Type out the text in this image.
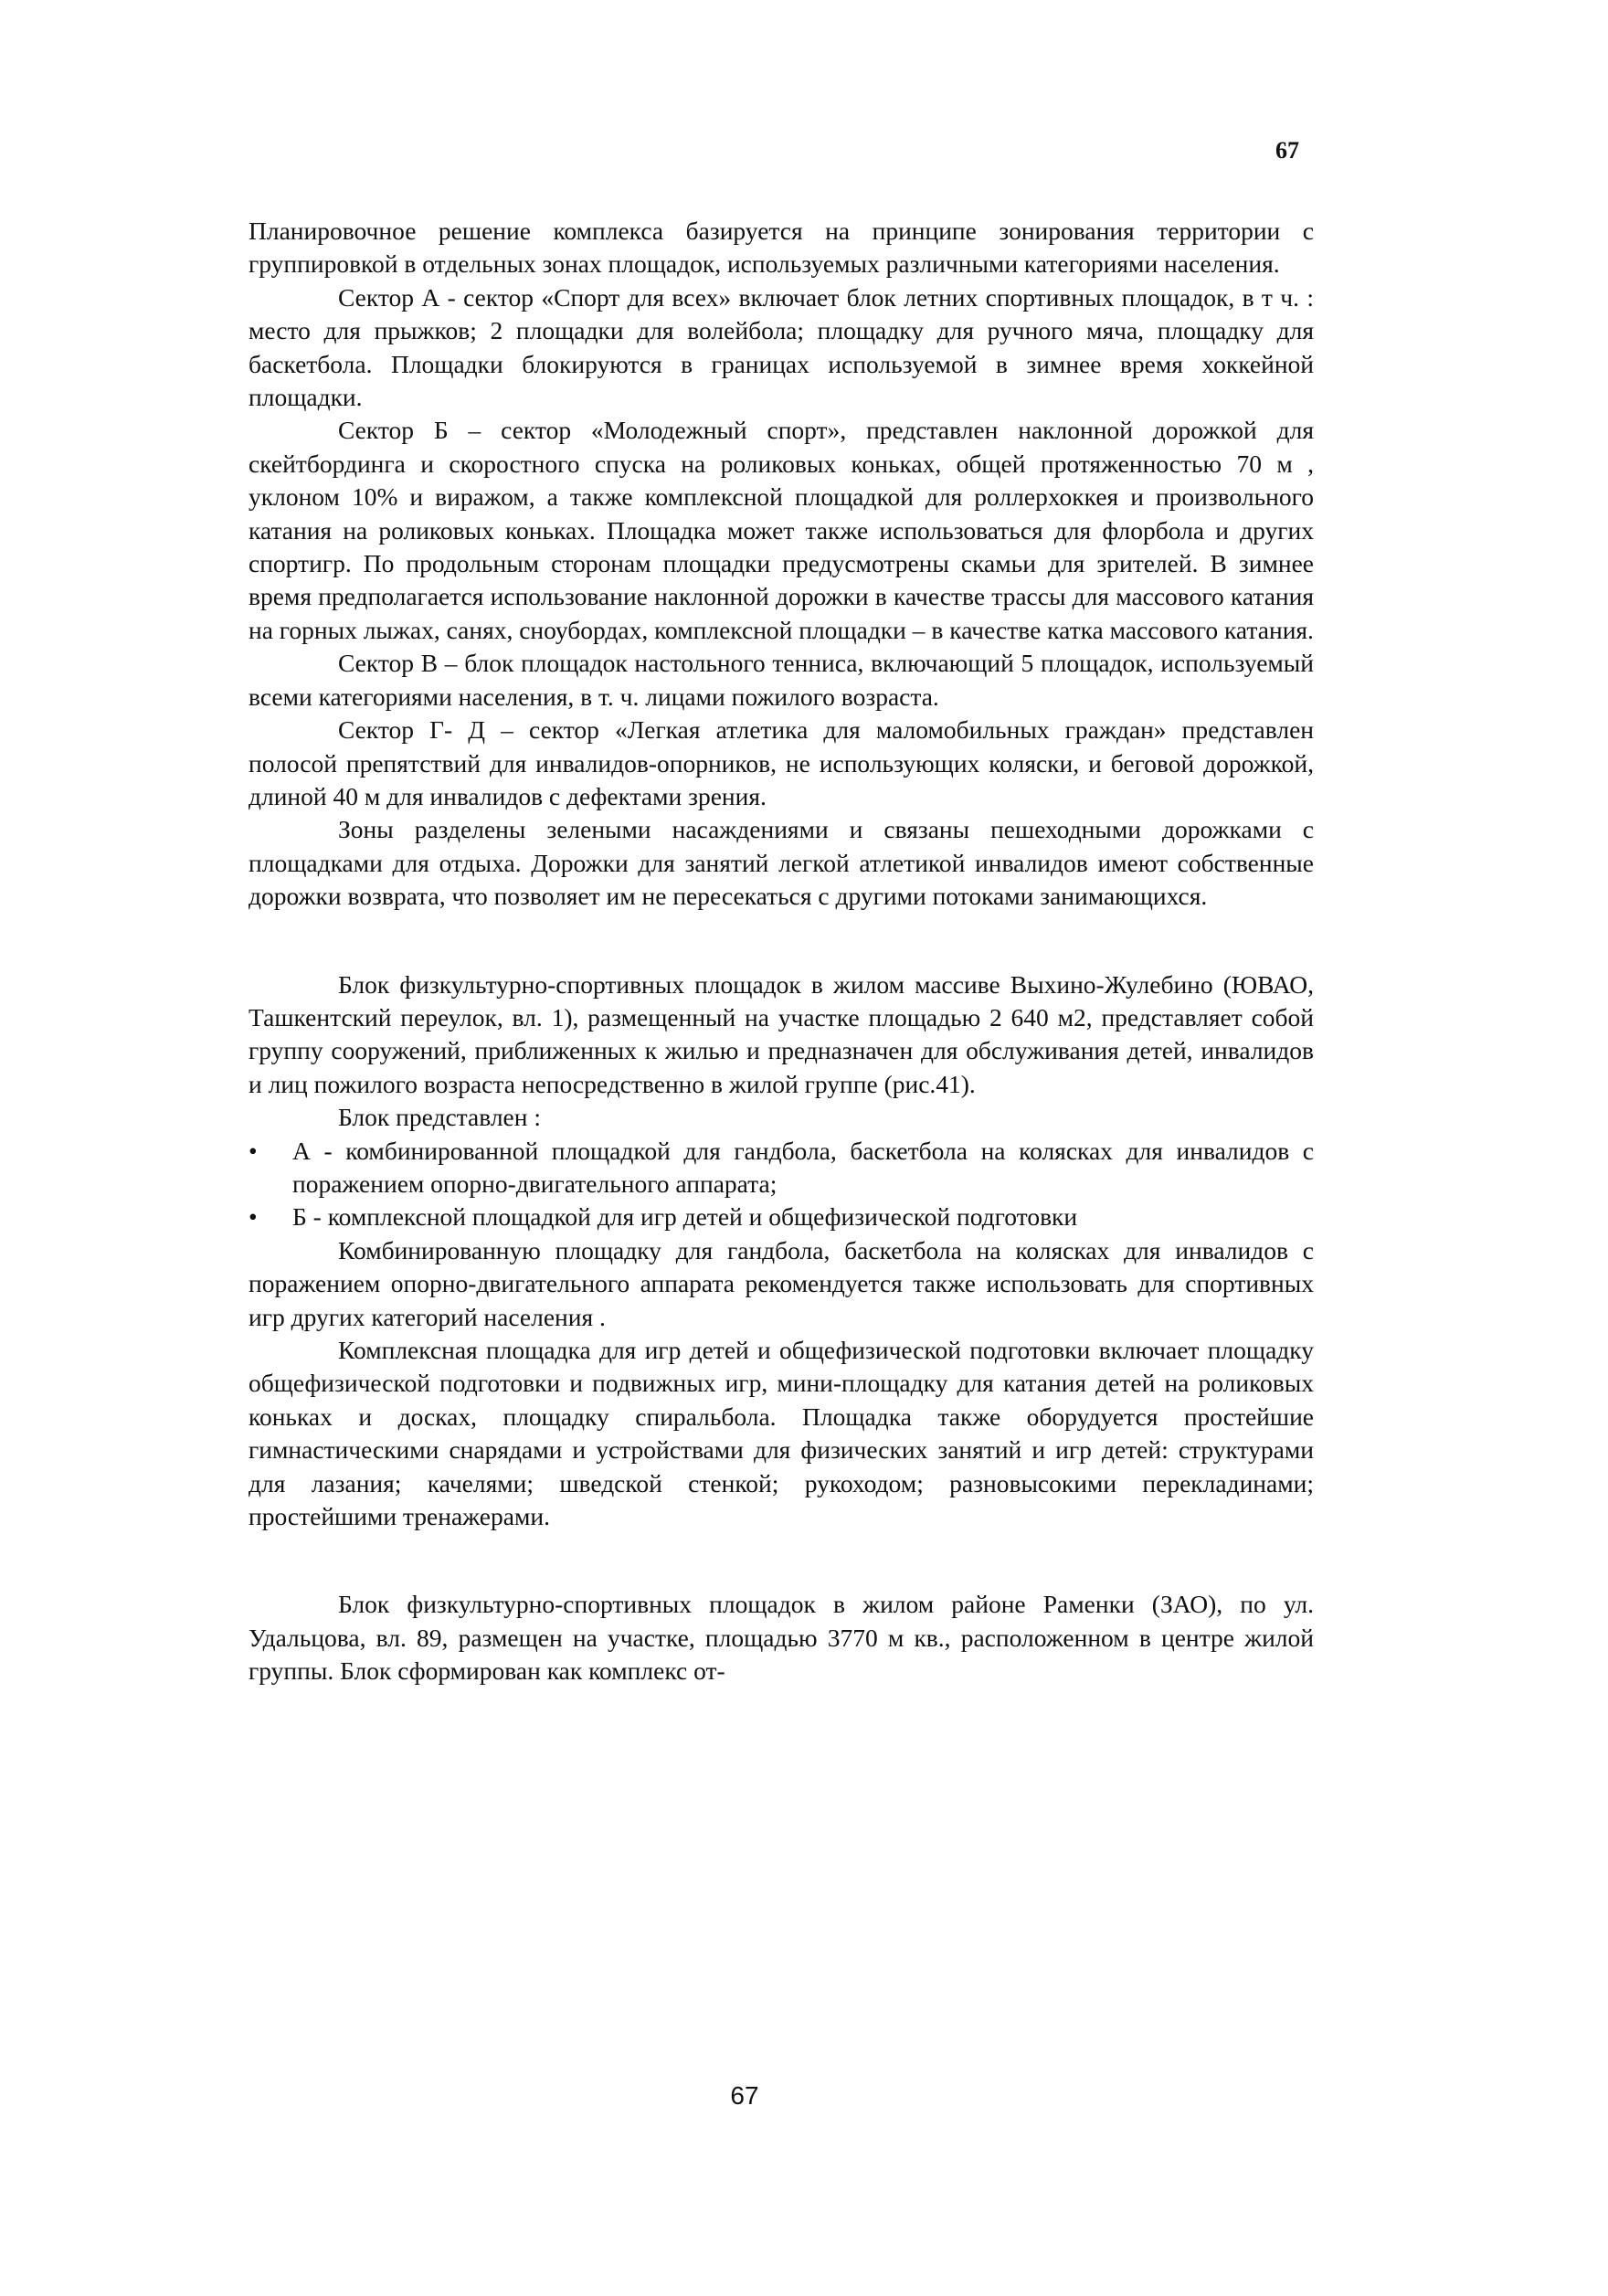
67

Планировочное решение комплекса базируется на принципе зонирования территории с группировкой в отдельных зонах площадок, используемых различными категориями населения.

Сектор А - сектор «Спорт для всех» включает блок летних спортивных площадок, в т ч. : место для прыжков; 2 площадки для волейбола; площадку для ручного мяча, площадку для баскетбола. Площадки блокируются в границах используемой в зимнее время хоккейной площадки.

Сектор Б – сектор «Молодежный спорт», представлен наклонной дорожкой для скейтбординга и скоростного спуска на роликовых коньках, общей протяженностью 70 м , уклоном 10% и виражом, а также комплексной площадкой для роллерхоккея и произвольного катания на роликовых коньках. Площадка может также использоваться для флорбола и других спортигр. По продольным сторонам площадки предусмотрены скамьи для зрителей. В зимнее время предполагается использование наклонной дорожки в качестве трассы для массового катания на горных лыжах, санях, сноубордах, комплексной площадки – в качестве катка массового катания.

Сектор В – блок площадок настольного тенниса, включающий 5 площадок, используемый всеми категориями населения, в т. ч. лицами пожилого возраста.

Сектор Г- Д – сектор «Легкая атлетика для маломобильных граждан» представлен полосой препятствий для инвалидов-опорников, не использующих коляски, и беговой дорожкой, длиной 40 м для инвалидов с дефектами зрения.

Зоны разделены зелеными насаждениями и связаны пешеходными дорожками с площадками для отдыха. Дорожки для занятий легкой атлетикой инвалидов имеют собственные дорожки возврата, что позволяет им не пересекаться с другими потоками занимающихся.

Блок физкультурно-спортивных площадок в жилом массиве Выхино-Жулебино (ЮВАО, Ташкентский переулок, вл. 1), размещенный на участке площадью 2 640 м2, представляет собой группу сооружений, приближенных к жилью и предназначен для обслуживания детей, инвалидов и лиц пожилого возраста непосредственно в жилой группе (рис.41).

Блок представлен :

•	А - комбинированной площадкой для гандбола, баскетбола на колясках для инвалидов с поражением опорно-двигательного аппарата;
•	Б - комплексной площадкой для игр детей и общефизической подготовки

Комбинированную площадку для гандбола, баскетбола на колясках для инвалидов с поражением опорно-двигательного аппарата рекомендуется также использовать для спортивных игр других категорий населения .

Комплексная площадка для игр детей и общефизической подготовки включает площадку общефизической подготовки и подвижных игр, мини-площадку для катания детей на роликовых коньках и досках, площадку спиральбола. Площадка также оборудуется простейшие гимнастическими снарядами и устройствами для физических занятий и игр детей: структурами для лазания; качелями; шведской стенкой; рукоходом; разновысокими перекладинами; простейшими тренажерами.

Блок физкультурно-спортивных площадок в жилом районе Раменки (ЗАО), по ул. Удальцова, вл. 89, размещен на участке, площадью 3770 м кв., расположенном в центре жилой группы. Блок сформирован как комплекс от-

67
